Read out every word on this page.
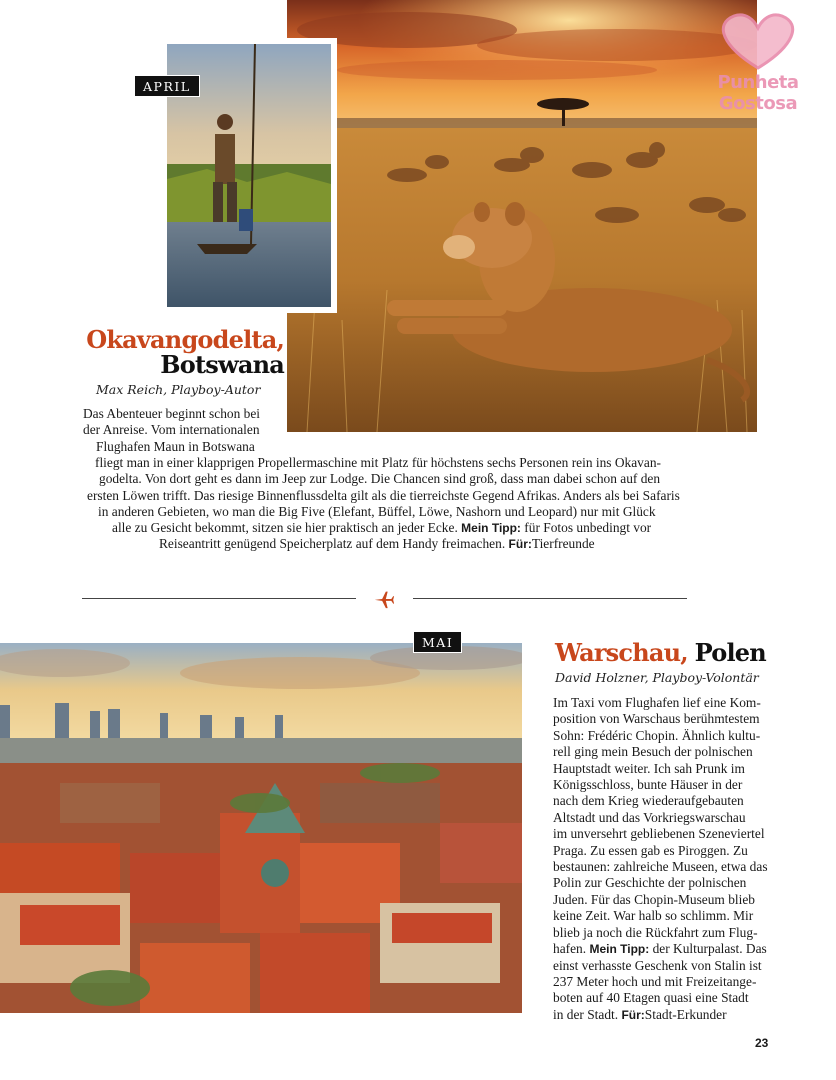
Punheta Gostosa
APRIL
Okavangodelta,
Botswana
Max Reich, Playboy-Autor
Das Abenteuer beginnt schon bei
der Anreise. Vom internationalen
Flughafen Maun in Botswana
fliegt man in einer klapprigen Propellermaschine mit Platz für höchstens sechs Personen rein ins Okavan-
godelta. Von dort geht es dann im Jeep zur Lodge. Die Chancen sind groß, dass man dabei schon auf den
ersten Löwen trifft. Das riesige Binnenflussdelta gilt als die tierreichste Gegend Afrikas. Anders als bei Safaris
in anderen Gebieten, wo man die Big Five (Elefant, Büffel, Löwe, Nashorn und Leopard) nur mit Glück
alle zu Gesicht bekommt, sitzen sie hier praktisch an jeder Ecke. Mein Tipp: für Fotos unbedingt vor
Reiseantritt genügend Speicherplatz auf dem Handy freimachen. Für:Tierfreunde
MAI	Warschau, Polen
David Holzner, Playboy-Volontär
Im Taxi vom Flughafen lief eine Kom-
position von Warschaus berühmtestem
Sohn: Frédéric Chopin. Ähnlich kultu-
rell ging mein Besuch der polnischen
Hauptstadt weiter. Ich sah Prunk im
Königsschloss, bunte Häuser in der
nach dem Krieg wiederaufgebauten
Altstadt und das Vorkriegswarschau
im unversehrt gebliebenen Szeneviertel
Praga. Zu essen gab es Piroggen. Zu
bestaunen: zahlreiche Museen, etwa das
Polin zur Geschichte der polnischen
Juden. Für das Chopin-Museum blieb
keine Zeit. War halb so schlimm. Mir
blieb ja noch die Rückfahrt zum Flug-
hafen. Mein Tipp: der Kulturpalast. Das
einst verhasste Geschenk von Stalin ist
237 Meter hoch und mit Freizeitange-
boten auf 40 Etagen quasi eine Stadt
in der Stadt. Für:Stadt-Erkunder
23
